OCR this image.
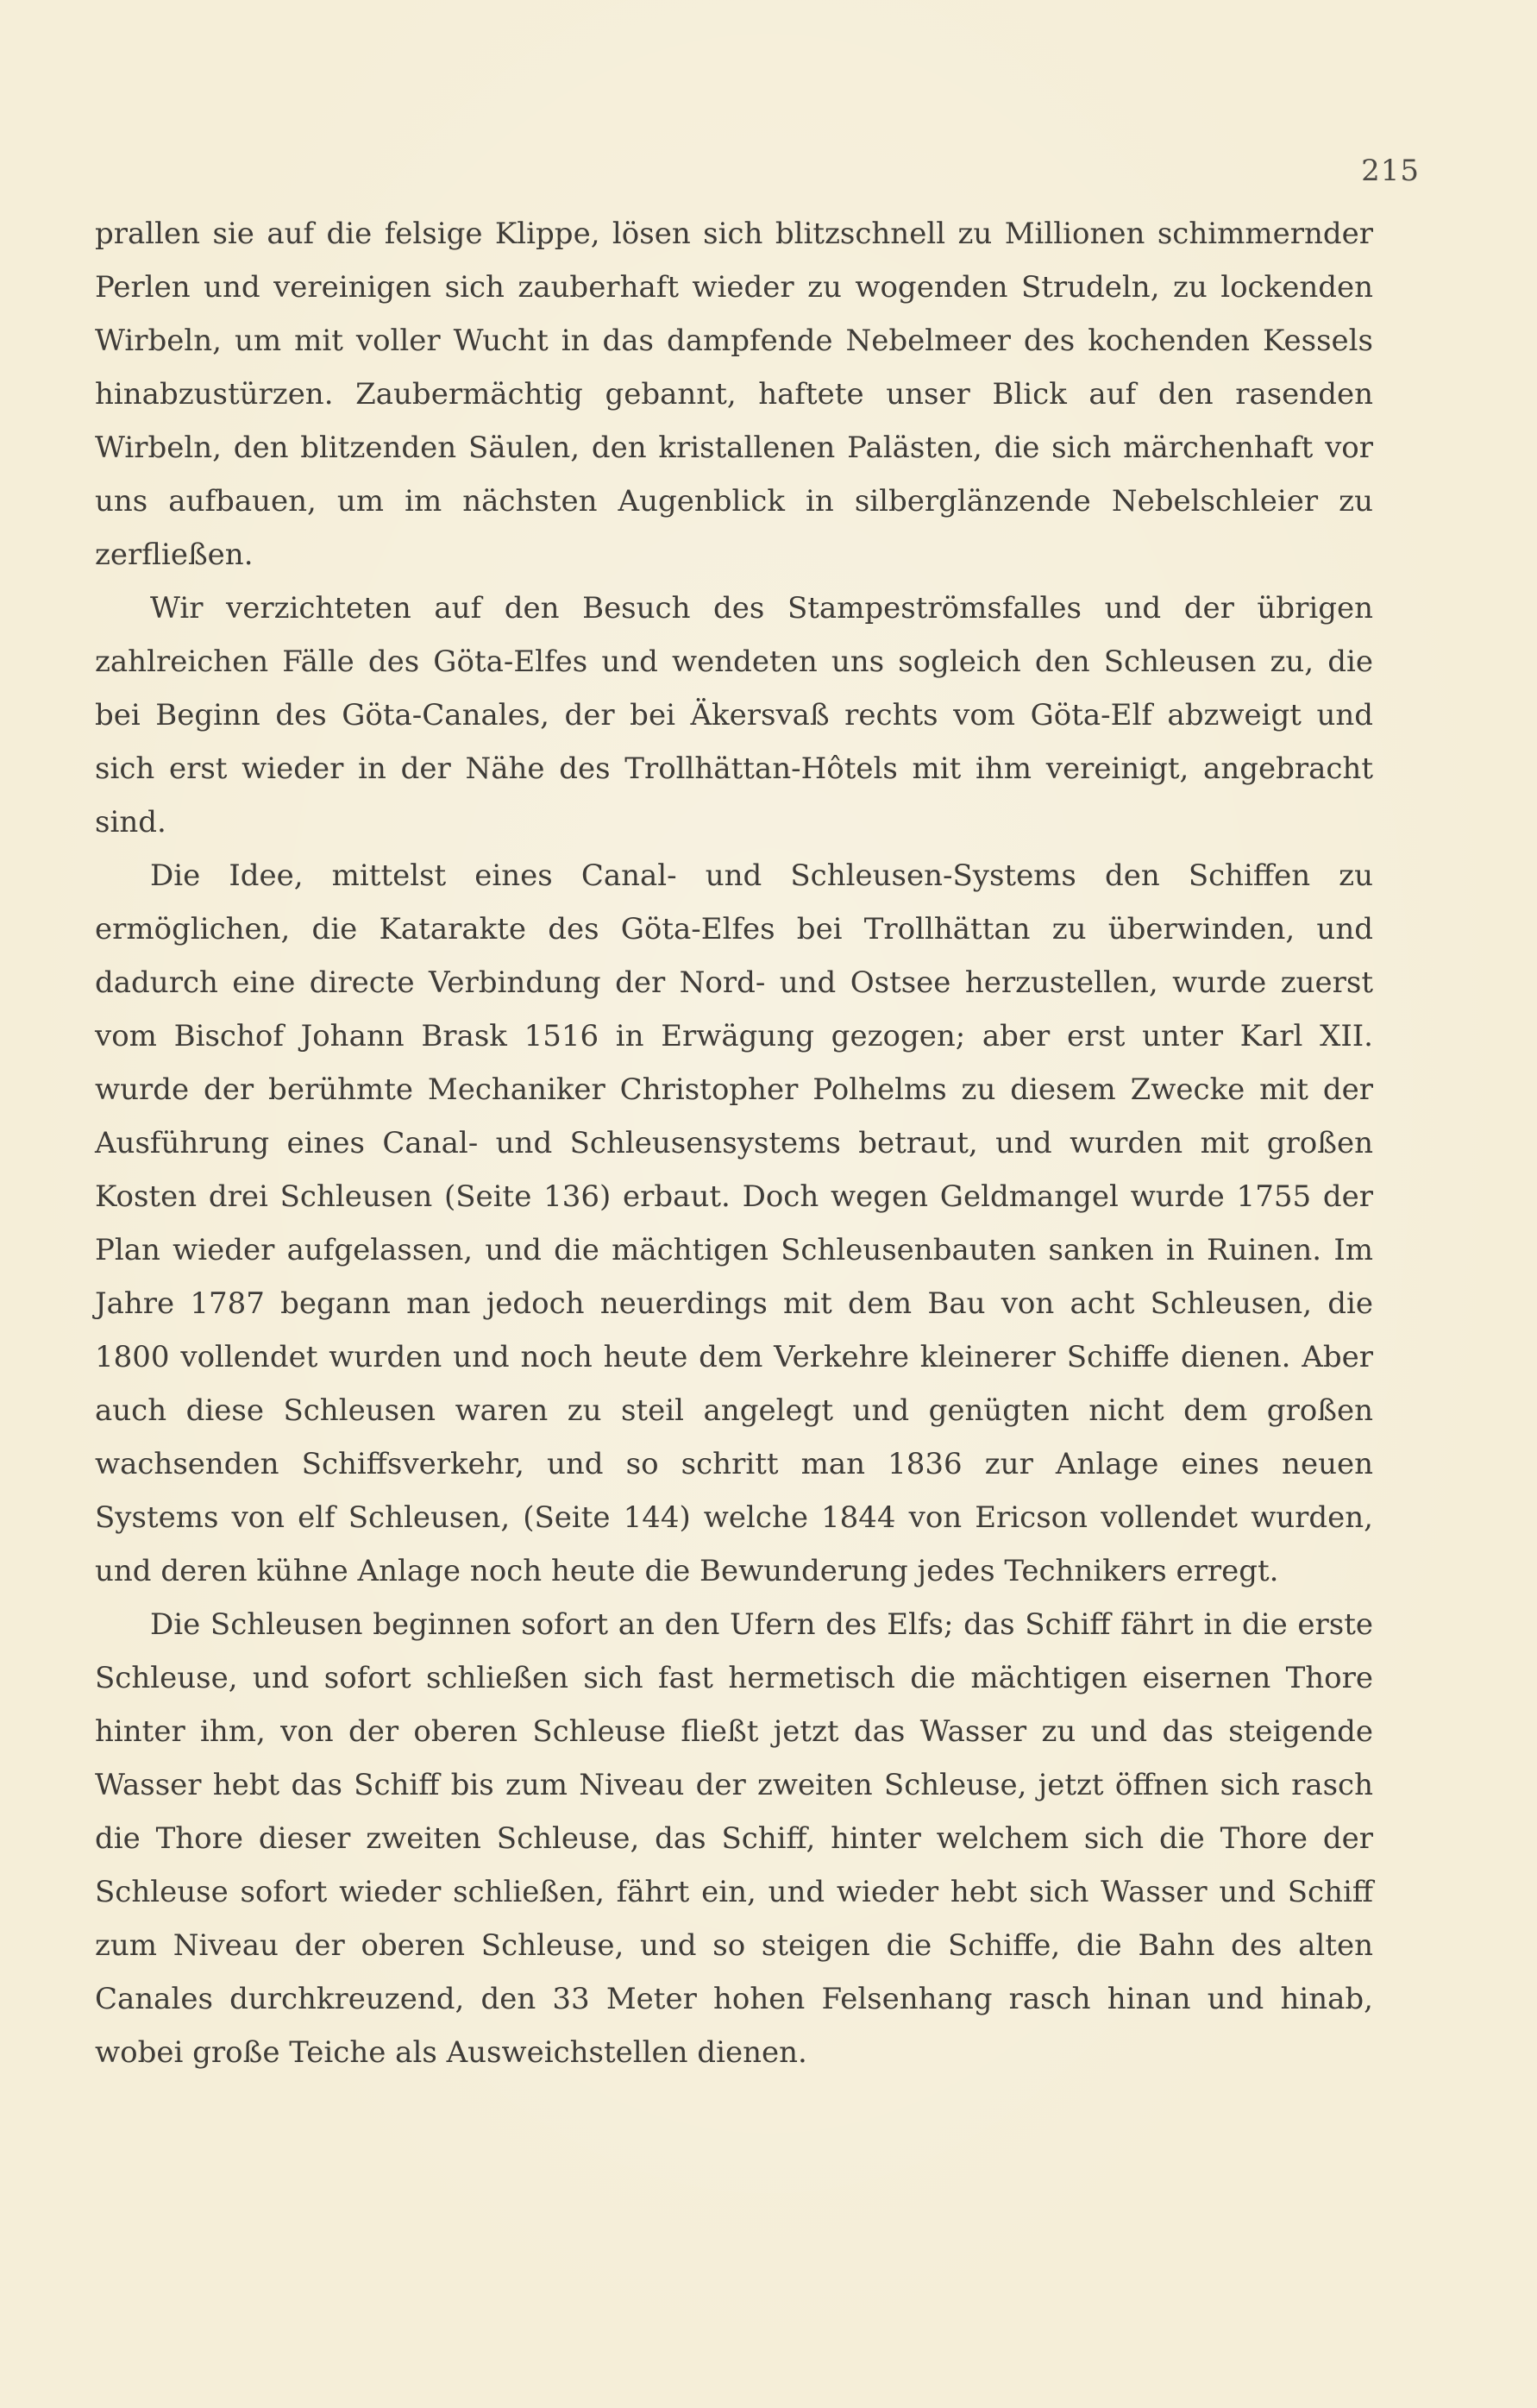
215

prallen sie auf die felsige Klippe, lösen sich blitzschnell zu Millionen schimmernder Perlen und vereinigen sich zauberhaft wieder zu wogenden Strudeln, zu lockenden Wirbeln, um mit voller Wucht in das dampfende Nebelmeer des kochenden Kessels hinabzustürzen. Zaubermächtig gebannt, haftete unser Blick auf den rasenden Wirbeln, den blitzenden Säulen, den kristallenen Palästen, die sich märchenhaft vor uns aufbauen, um im nächsten Augenblick in silberglänzende Nebelschleier zu zerfließen.

Wir verzichteten auf den Besuch des Stampeströmsfalles und der übrigen zahlreichen Fälle des Göta-Elfes und wendeten uns sogleich den Schleusen zu, die bei Beginn des Göta-Canales, der bei Äkersvaß rechts vom Göta-Elf abzweigt und sich erst wieder in der Nähe des Trollhättan-Hôtels mit ihm vereinigt, angebracht sind.

Die Idee, mittelst eines Canal- und Schleusen-Systems den Schiffen zu ermöglichen, die Katarakte des Göta-Elfes bei Trollhättan zu überwinden, und dadurch eine directe Verbindung der Nord- und Ostsee herzustellen, wurde zuerst vom Bischof Johann Brask 1516 in Erwägung gezogen; aber erst unter Karl XII. wurde der berühmte Mechaniker Christopher Polhelms zu diesem Zwecke mit der Ausführung eines Canal- und Schleusensystems betraut, und wurden mit großen Kosten drei Schleusen (Seite 136) erbaut. Doch wegen Geldmangel wurde 1755 der Plan wieder aufgelassen, und die mächtigen Schleusenbauten sanken in Ruinen. Im Jahre 1787 begann man jedoch neuerdings mit dem Bau von acht Schleusen, die 1800 vollendet wurden und noch heute dem Verkehre kleinerer Schiffe dienen. Aber auch diese Schleusen waren zu steil angelegt und genügten nicht dem großen wachsenden Schiffsverkehr, und so schritt man 1836 zur Anlage eines neuen Systems von elf Schleusen, (Seite 144) welche 1844 von Ericson vollendet wurden, und deren kühne Anlage noch heute die Bewunderung jedes Technikers erregt.

Die Schleusen beginnen sofort an den Ufern des Elfs; das Schiff fährt in die erste Schleuse, und sofort schließen sich fast hermetisch die mächtigen eisernen Thore hinter ihm, von der oberen Schleuse fließt jetzt das Wasser zu und das steigende Wasser hebt das Schiff bis zum Niveau der zweiten Schleuse, jetzt öffnen sich rasch die Thore dieser zweiten Schleuse, das Schiff, hinter welchem sich die Thore der Schleuse sofort wieder schließen, fährt ein, und wieder hebt sich Wasser und Schiff zum Niveau der oberen Schleuse, und so steigen die Schiffe, die Bahn des alten Canales durchkreuzend, den 33 Meter hohen Felsenhang rasch hinan und hinab, wobei große Teiche als Ausweichstellen dienen.
